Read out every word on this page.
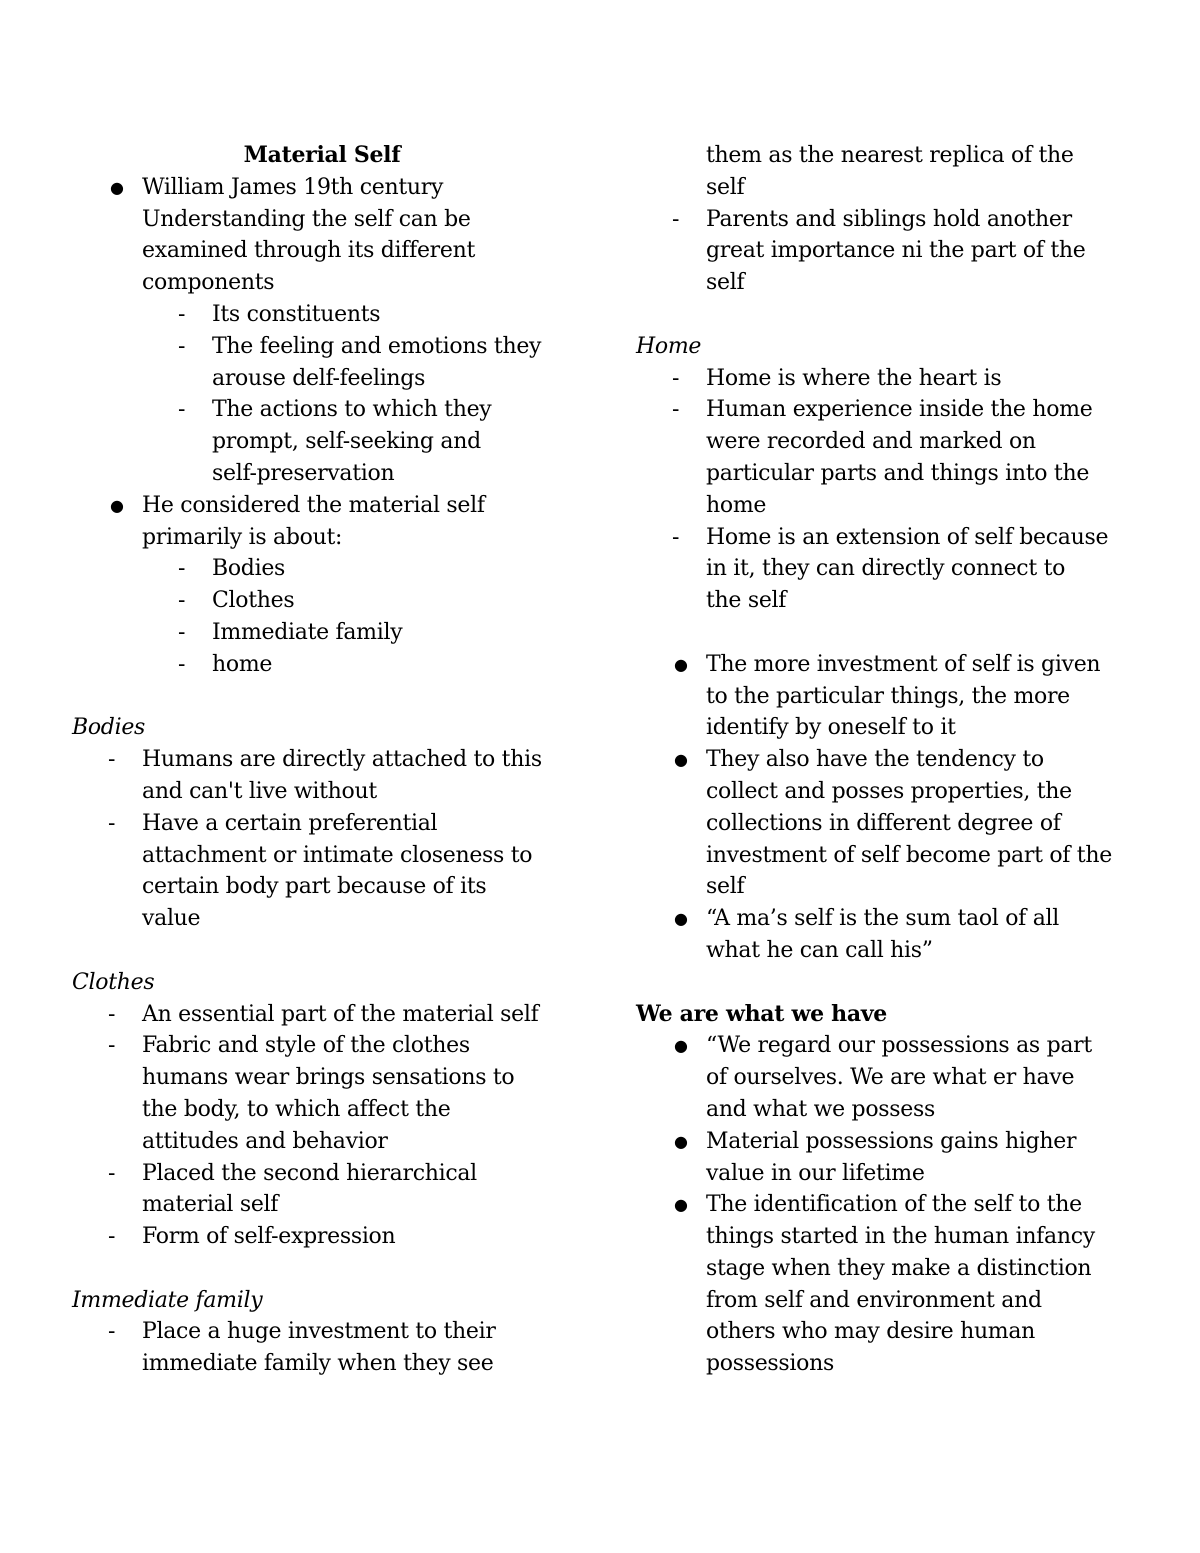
Material Self
● William James 19th century
Understanding the self can be
examined through its different
components
- Its constituents
- The feeling and emotions they
arouse delf-feelings
- The actions to which they
prompt, self-seeking and
self-preservation
● He considered the material self
primarily is about:
- Bodies
- Clothes
- Immediate family
- home
Bodies
- Humans are directly attached to this
and can't live without
- Have a certain preferential
attachment or intimate closeness to
certain body part because of its
value
Clothes
- An essential part of the material self
- Fabric and style of the clothes
humans wear brings sensations to
the body, to which affect the
attitudes and behavior
- Placed the second hierarchical
material self
- Form of self-expression
Immediate family
- Place a huge investment to their
immediate family when they see
them as the nearest replica of the
self
- Parents and siblings hold another
great importance ni the part of the
self
Home
- Home is where the heart is
- Human experience inside the home
were recorded and marked on
particular parts and things into the
home
- Home is an extension of self because
in it, they can directly connect to
the self
● The more investment of self is given
to the particular things, the more
identify by oneself to it
● They also have the tendency to
collect and posses properties, the
collections in different degree of
investment of self become part of the
self
● “A ma’s self is the sum taol of all
what he can call his”
We are what we have
● “We regard our possessions as part
of ourselves. We are what er have
and what we possess
● Material possessions gains higher
value in our lifetime
● The identification of the self to the
things started in the human infancy
stage when they make a distinction
from self and environment and
others who may desire human
possessions
